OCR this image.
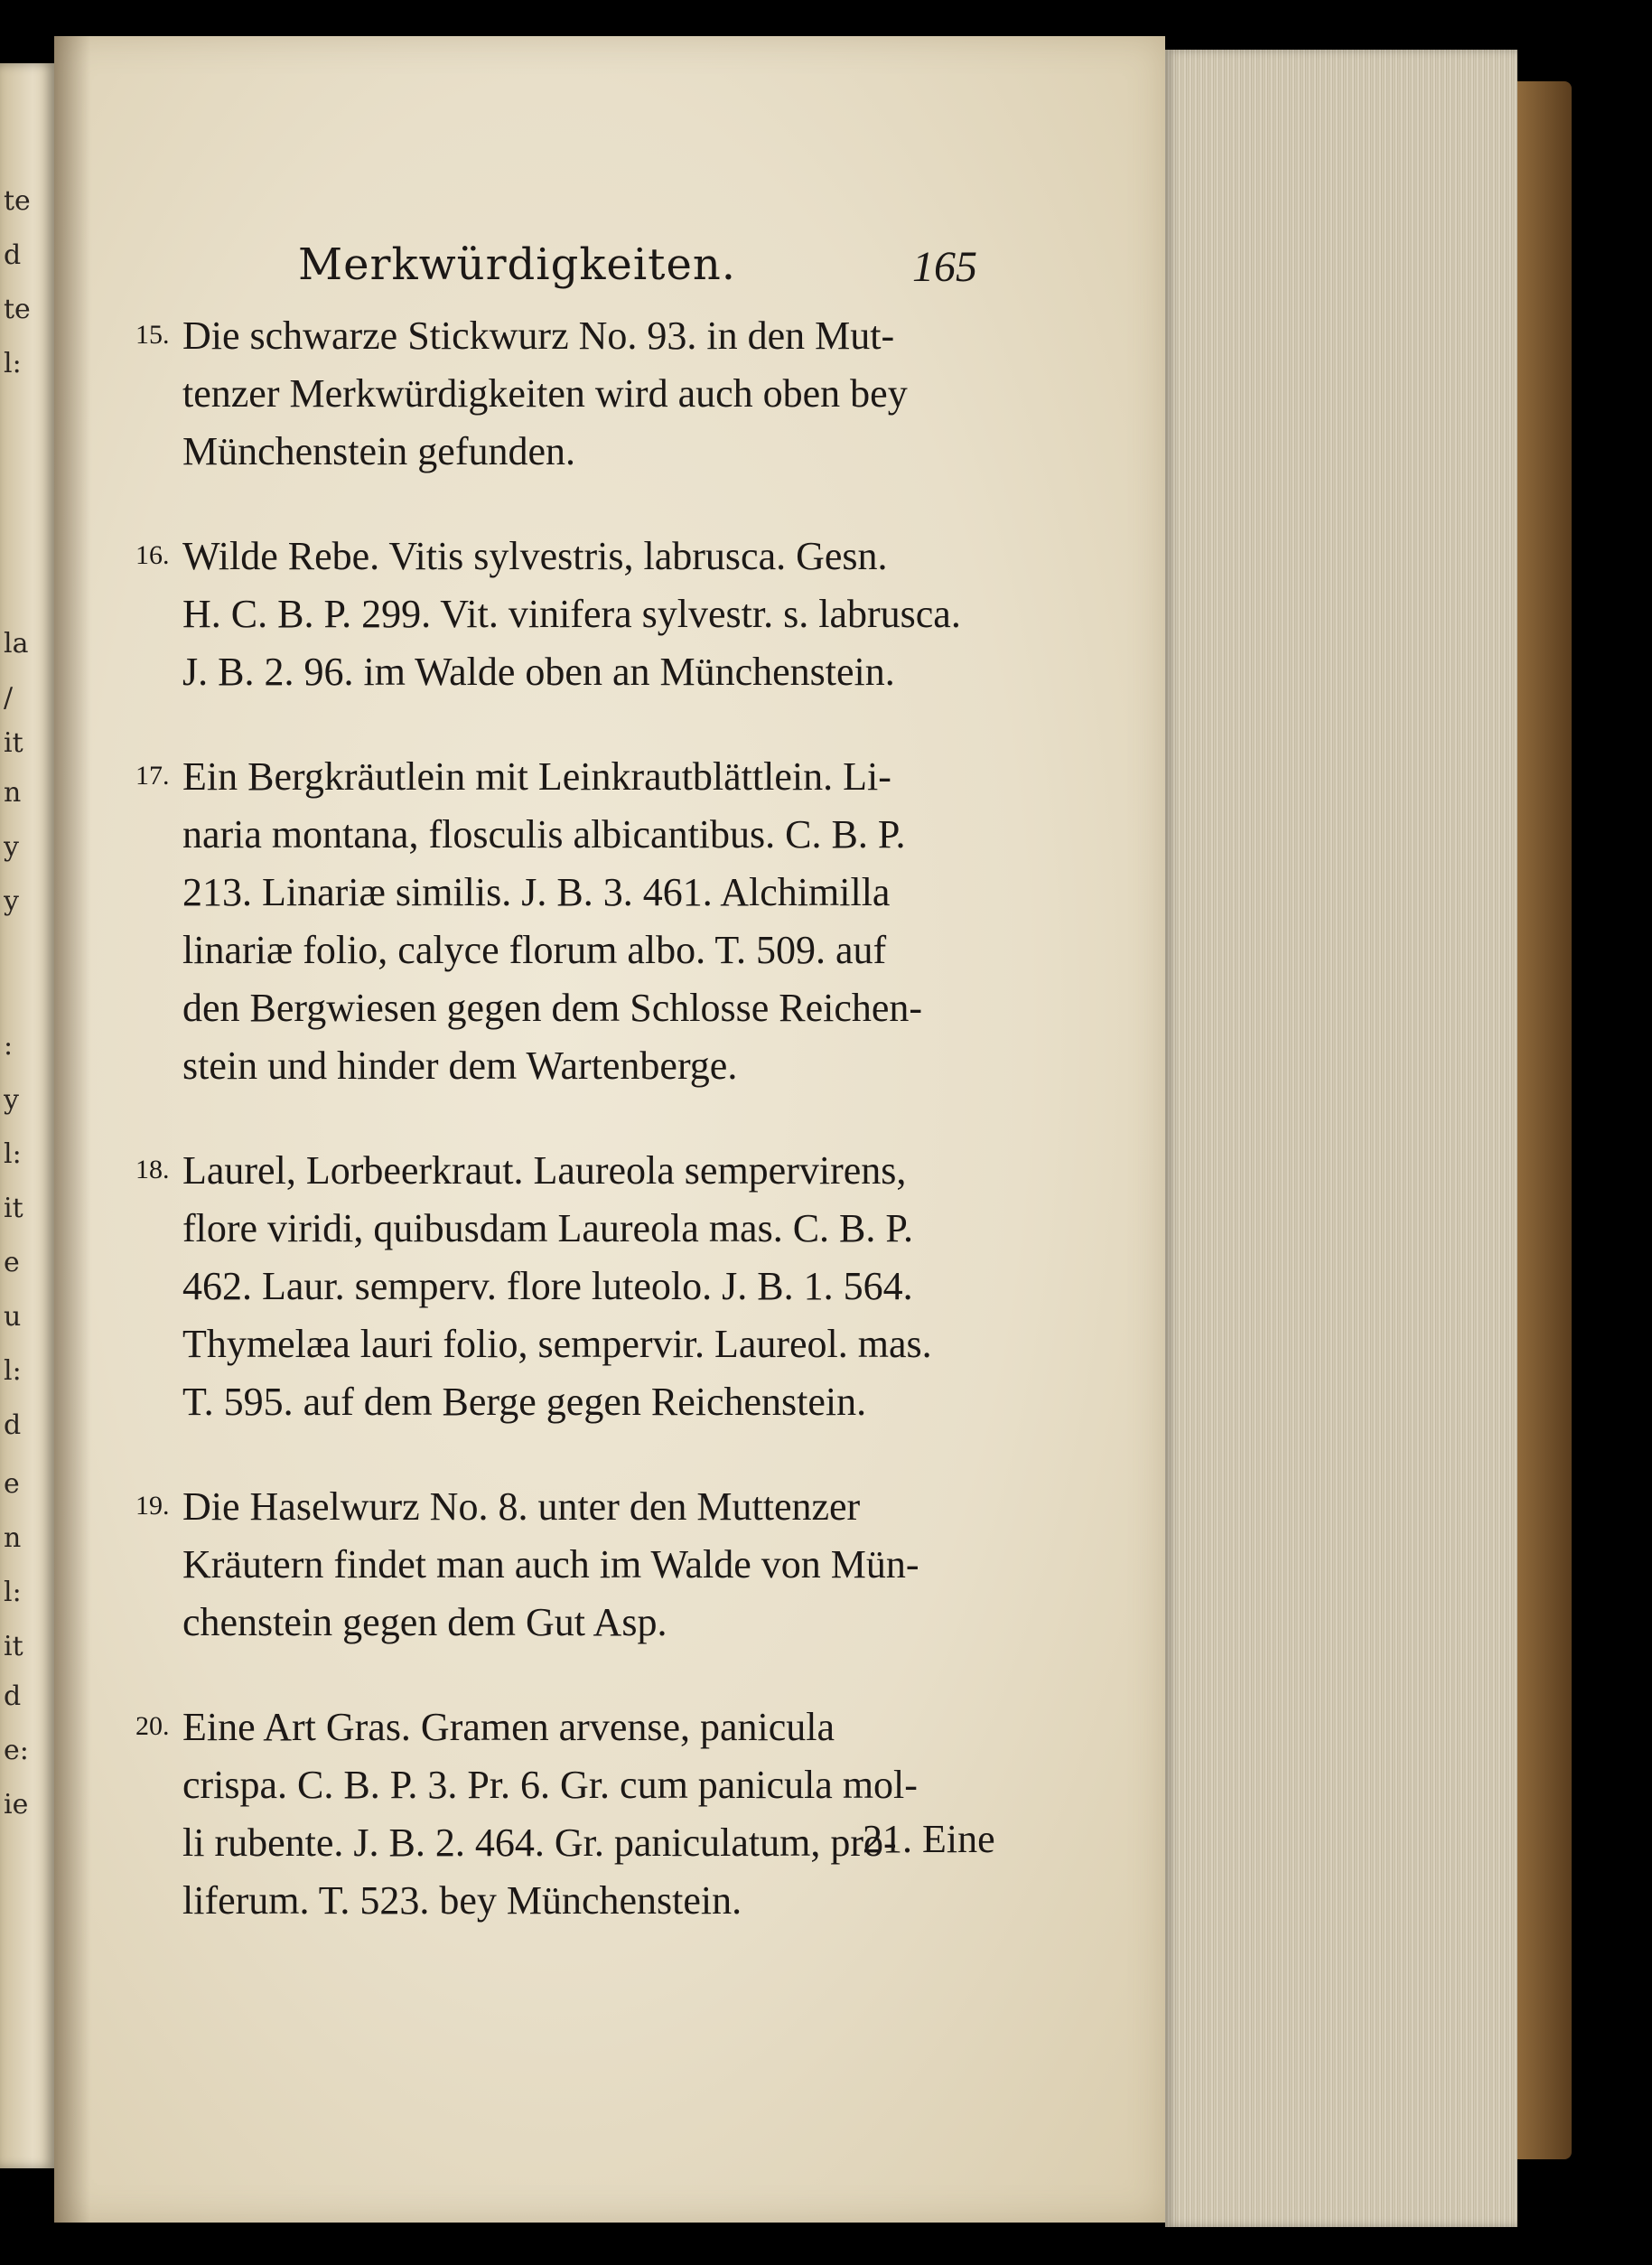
te
d
te
l:
la
/
it
n
y
y
:
y
l:
it
e
u
l:
d
e
n
l:
it
d
e:
ie
Merkwürdigkeiten.	165
15. Die schwarze Stickwurz No. 93. in den Mut-
tenzer Merkwürdigkeiten wird auch oben bey
Münchenstein gefunden.
16. Wilde Rebe. Vitis sylvestris, labrusca. Gesn.
H. C. B. P. 299. Vit. vinifera sylvestr. s. labrusca.
J. B. 2. 96. im Walde oben an Münchenstein.
17. Ein Bergkräutlein mit Leinkrautblättlein. Li-
naria montana, flosculis albicantibus. C. B. P.
213. Linariæ similis. J. B. 3. 461. Alchimilla
linariæ folio, calyce florum albo. T. 509. auf
den Bergwiesen gegen dem Schlosse Reichen-
stein und hinder dem Wartenberge.
18. Laurel, Lorbeerkraut. Laureola sempervirens,
flore viridi, quibusdam Laureola mas. C. B. P.
462. Laur. semperv. flore luteolo. J. B. 1. 564.
Thymelæa lauri folio, sempervir. Laureol. mas.
T. 595. auf dem Berge gegen Reichenstein.
19. Die Haselwurz No. 8. unter den Muttenzer
Kräutern findet man auch im Walde von Mün-
chenstein gegen dem Gut Asp.
20. Eine Art Gras. Gramen arvense, panicula
crispa. C. B. P. 3. Pr. 6. Gr. cum panicula mol-
li rubente. J. B. 2. 464. Gr. paniculatum, pro-
liferum. T. 523. bey Münchenstein.
21. Eine
